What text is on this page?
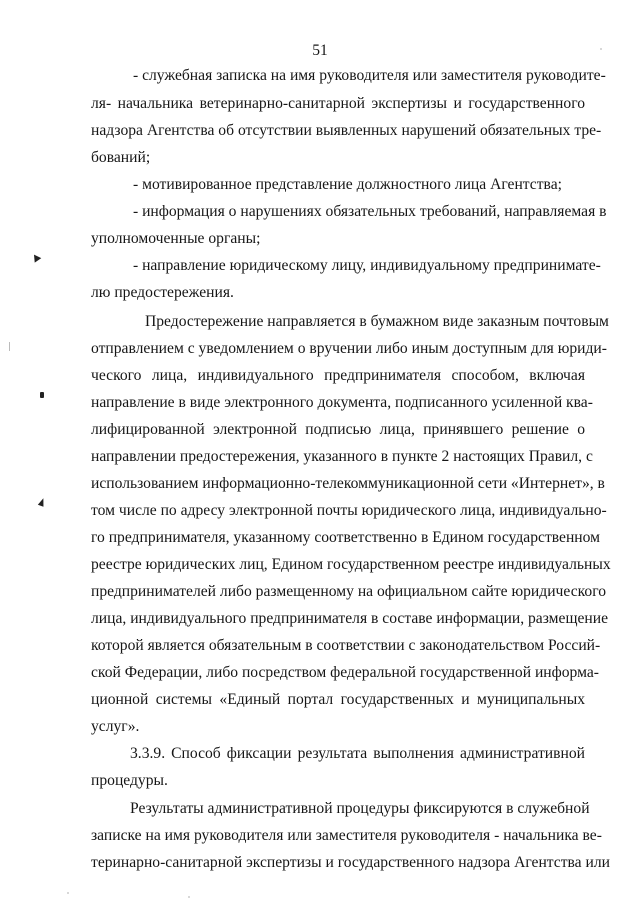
51
- служебная записка на имя руководителя или заместителя руководите-
ля- начальника ветеринарно-санитарной экспертизы и государственного
надзора Агентства об отсутствии выявленных нарушений обязательных тре-
бований;
- мотивированное представление должностного лица Агентства;
- информация о нарушениях обязательных требований, направляемая в
уполномоченные органы;
- направление юридическому лицу, индивидуальному предпринимате-
лю предостережения.
Предостережение направляется в бумажном виде заказным почтовым
отправлением с уведомлением о вручении либо иным доступным для юриди-
ческого лица, индивидуального предпринимателя способом, включая
направление в виде электронного документа, подписанного усиленной ква-
лифицированной электронной подписью лица, принявшего решение о
направлении предостережения, указанного в пункте 2 настоящих Правил, с
использованием информационно-телекоммуникационной сети «Интернет», в
том числе по адресу электронной почты юридического лица, индивидуально-
го предпринимателя, указанному соответственно в Едином государственном
реестре юридических лиц, Едином государственном реестре индивидуальных
предпринимателей либо размещенному на официальном сайте юридического
лица, индивидуального предпринимателя в составе информации, размещение
которой является обязательным в соответствии с законодательством Россий-
ской Федерации, либо посредством федеральной государственной информа-
ционной системы «Единый портал государственных и муниципальных
услуг».
3.3.9. Способ фиксации результата выполнения административной
процедуры.
Результаты административной процедуры фиксируются в служебной
записке на имя руководителя или заместителя руководителя - начальника ве-
теринарно-санитарной экспертизы и государственного надзора Агентства или
